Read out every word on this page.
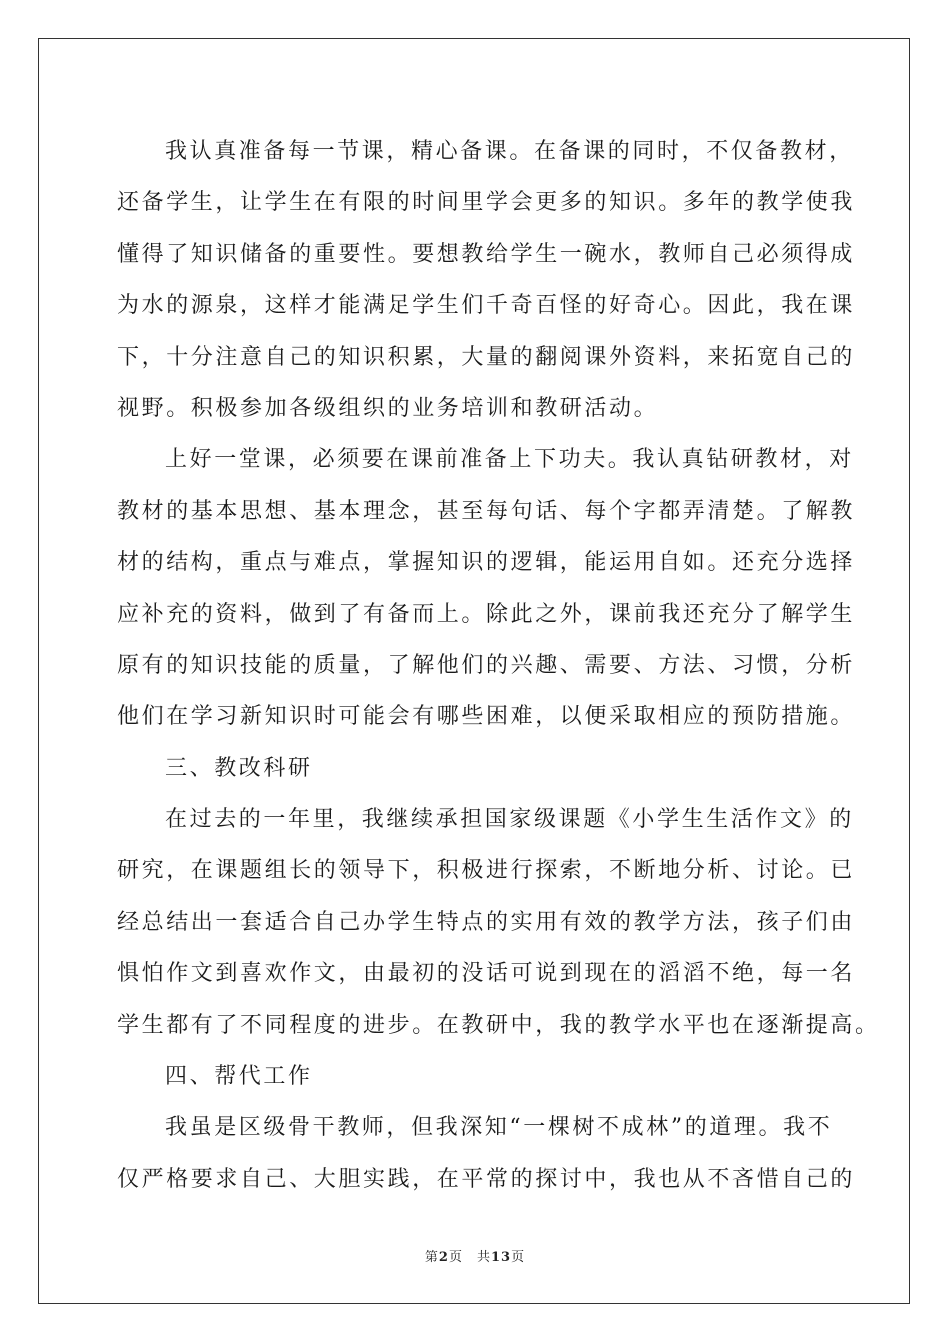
我认真准备每一节课，精心备课。在备课的同时，不仅备教材，
还备学生，让学生在有限的时间里学会更多的知识。多年的教学使我
懂得了知识储备的重要性。要想教给学生一碗水，教师自己必须得成
为水的源泉，这样才能满足学生们千奇百怪的好奇心。因此，我在课
下，十分注意自己的知识积累，大量的翻阅课外资料，来拓宽自己的
视野。积极参加各级组织的业务培训和教研活动。
上好一堂课，必须要在课前准备上下功夫。我认真钻研教材，对
教材的基本思想、基本理念，甚至每句话、每个字都弄清楚。了解教
材的结构，重点与难点，掌握知识的逻辑，能运用自如。还充分选择
应补充的资料，做到了有备而上。除此之外，课前我还充分了解学生
原有的知识技能的质量，了解他们的兴趣、需要、方法、习惯，分析
他们在学习新知识时可能会有哪些困难，以便采取相应的预防措施。
三、教改科研
在过去的一年里，我继续承担国家级课题《小学生生活作文》的
研究，在课题组长的领导下，积极进行探索，不断地分析、讨论。已
经总结出一套适合自己办学生特点的实用有效的教学方法，孩子们由
惧怕作文到喜欢作文，由最初的没话可说到现在的滔滔不绝，每一名
学生都有了不同程度的进步。在教研中，我的教学水平也在逐渐提高。
四、帮代工作
我虽是区级骨干教师，但我深知“一棵树不成林”的道理。我不
仅严格要求自己、大胆实践，在平常的探讨中，我也从不吝惜自己的
第2页 共13页
